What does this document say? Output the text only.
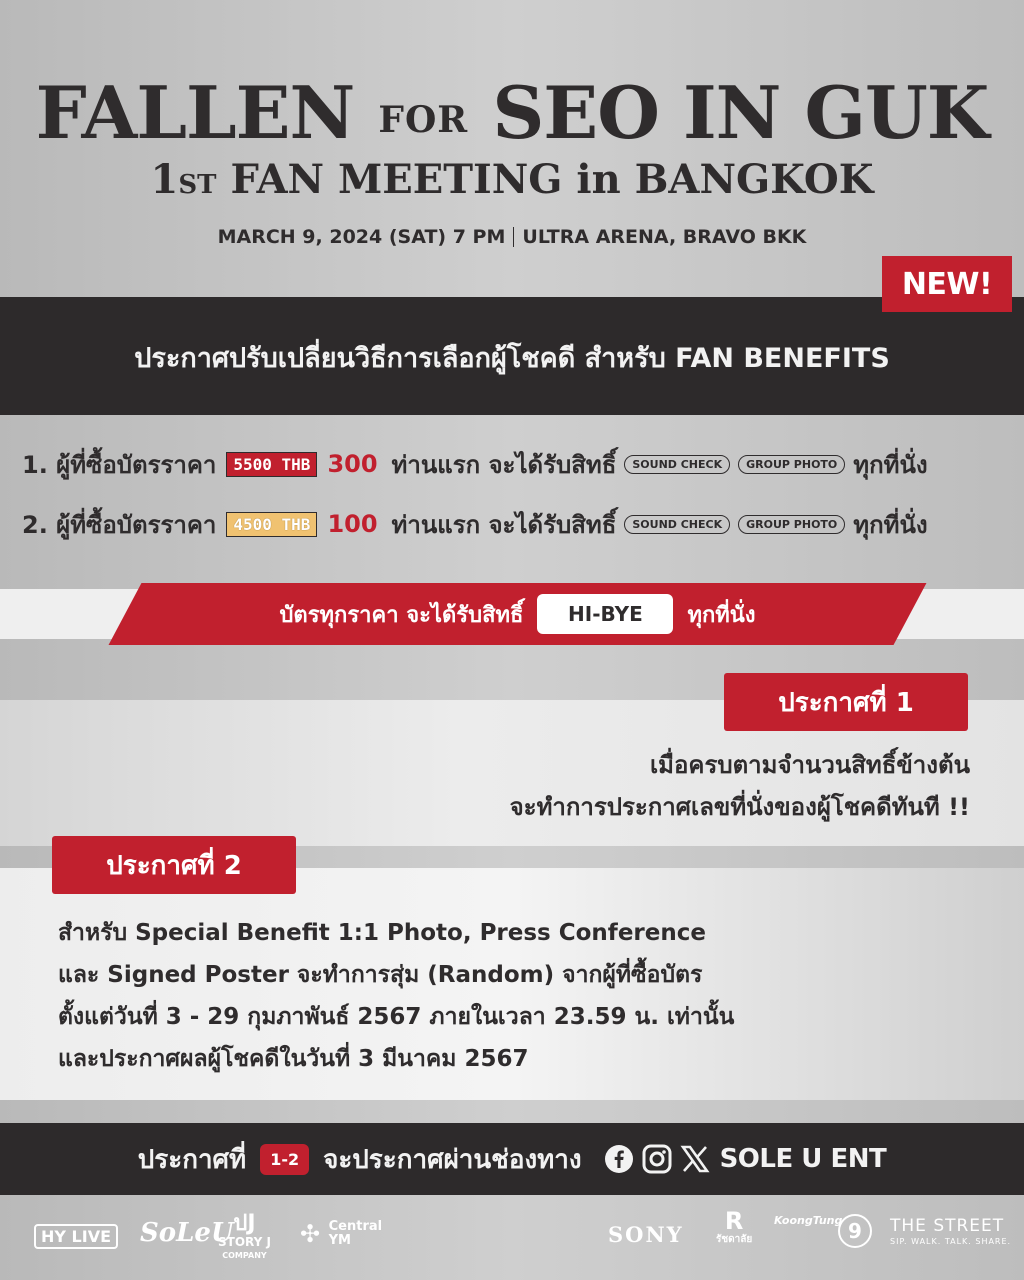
FALLEN FOR SEO IN GUK
1ST FAN MEETING in BANGKOK
MARCH 9, 2024 (SAT) 7 PM ULTRA ARENA, BRAVO BKK
NEW!
ประกาศปรับเปลี่ยนวิธีการเลือกผู้โชคดี สำหรับ FAN BENEFITS
1. ผู้ที่ซื้อบัตรราคา	5500 THB 300 ท่านแรก จะได้รับสิทธิ์	SOUND CHECK	GROUP PHOTO ทุกที่นั่ง
2. ผู้ที่ซื้อบัตรราคา	4500 THB 100 ท่านแรก จะได้รับสิทธิ์	SOUND CHECK	GROUP PHOTO ทุกที่นั่ง
บัตรทุกราคา จะได้รับสิทธิ์	HI-BYE	ทุกที่นั่ง
ประกาศที่ 1
เมื่อครบตามจำนวนสิทธิ์ข้างต้น
จะทำการประกาศเลขที่นั่งของผู้โชคดีทันที !!
ประกาศที่ 2
สำหรับ Special Benefit 1:1 Photo, Press Conference
และ Signed Poster จะทำการสุ่ม (Random) จากผู้ที่ซื้อบัตร
ตั้งแต่วันที่ 3 - 29 กุมภาพันธ์ 2567 ภายในเวลา 23.59 น. เท่านั้น
และประกาศผลผู้โชคดีในวันที่ 3 มีนาคม 2567
ประกาศที่	1-2 จะประกาศผ่านช่องทาง	SOLE U ENT
HY LIVE SoLeU ปJ
STORY J
COMPANY
✣ Central
YM	SONY	R
รัชดาลัย
KoongTung 9	THE STREET
SIP. WALK. TALK. SHARE.
